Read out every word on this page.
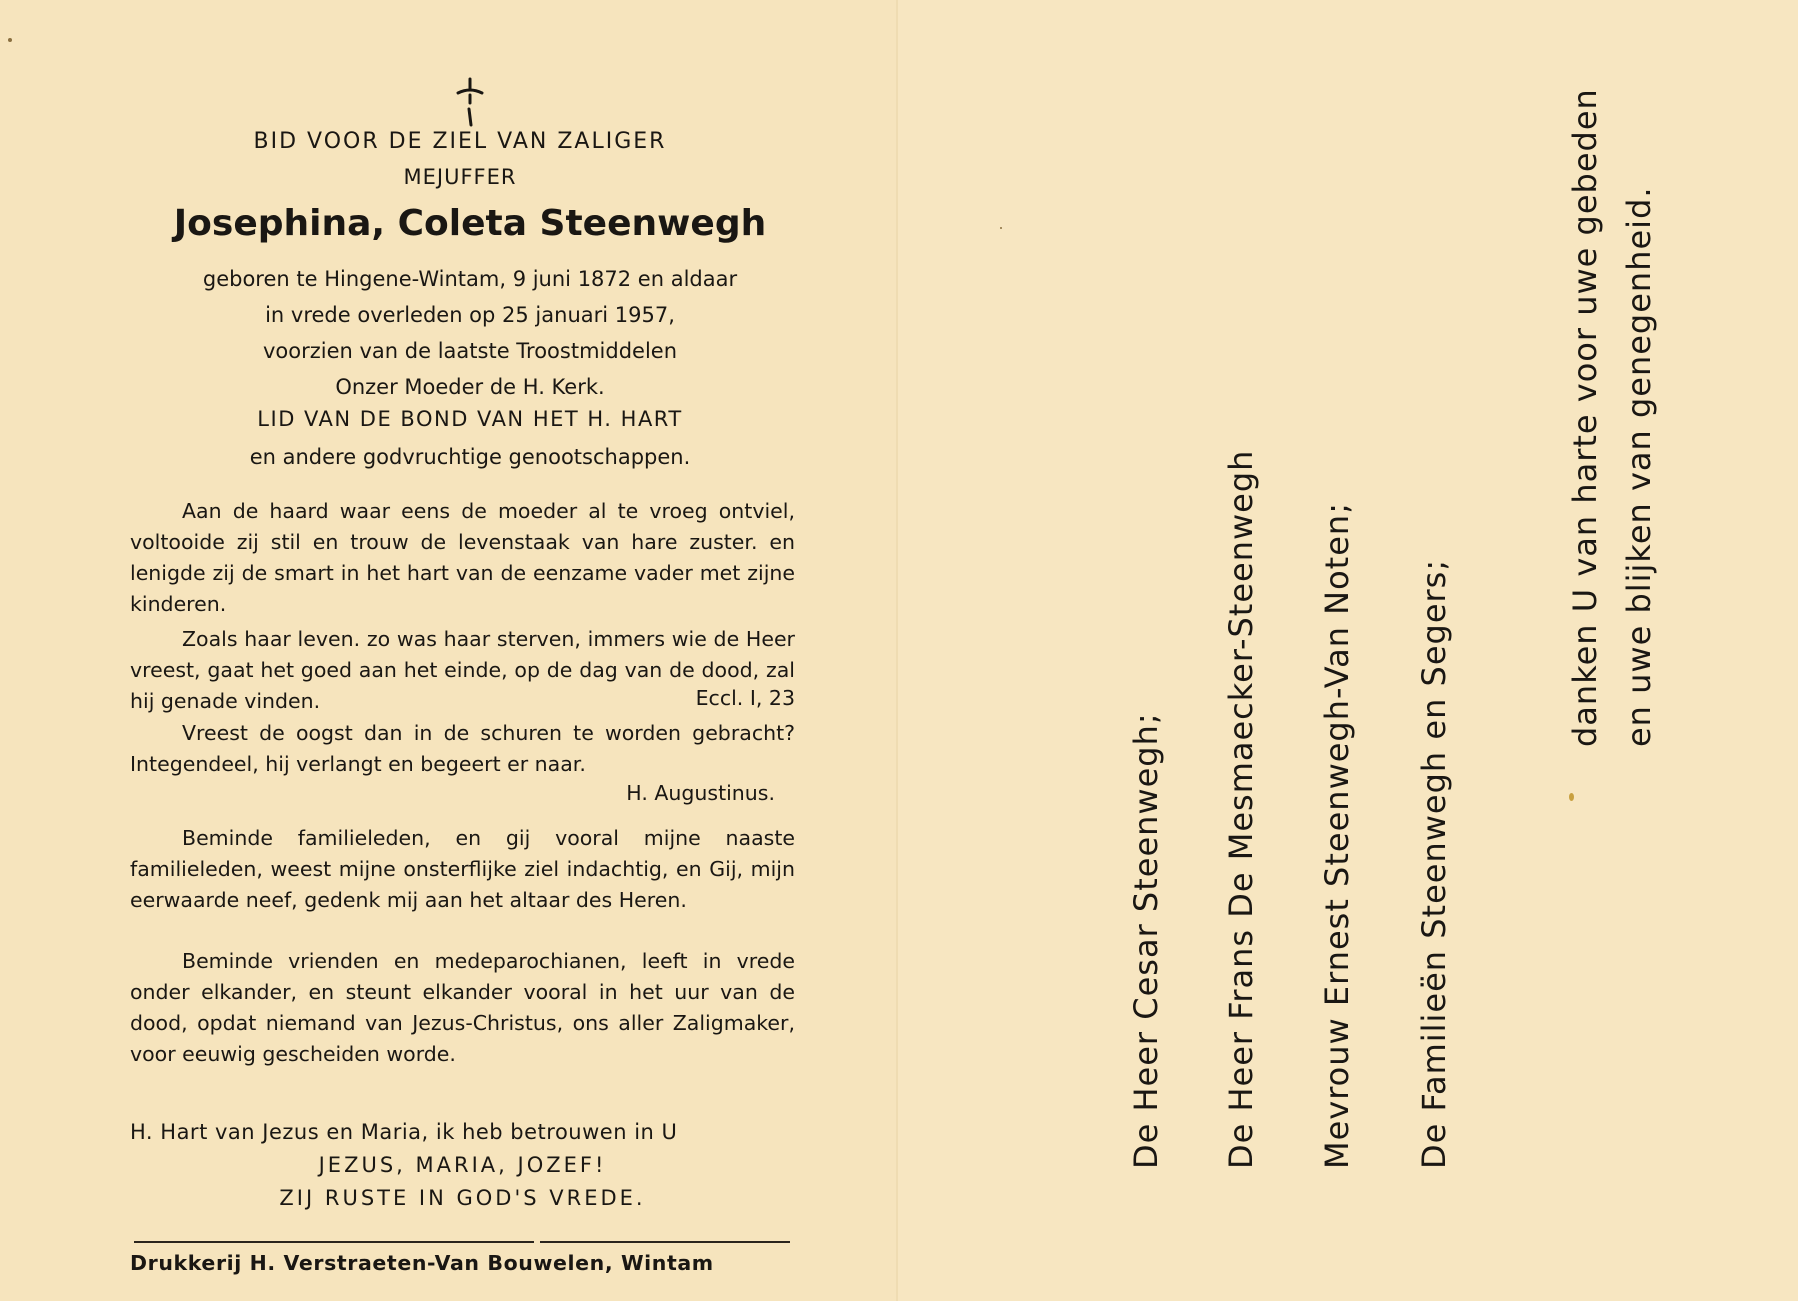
BID VOOR DE ZIEL VAN ZALIGER
MEJUFFER
Josephina, Coleta Steenwegh
geboren te Hingene-Wintam, 9 juni 1872 en aldaar
in vrede overleden op 25 januari 1957,
voorzien van de laatste Troostmiddelen
Onzer Moeder de H. Kerk.
LID VAN DE BOND VAN HET H. HART
en andere godvruchtige genootschappen.
Aan de haard waar eens de moeder al te vroeg ontviel, voltooide zij stil en trouw de levenstaak van hare zuster. en lenigde zij de smart in het hart van de eenzame vader met zijne kinderen.
Zoals haar leven. zo was haar sterven, immers wie de Heer vreest, gaat het goed aan het einde, op de dag van de dood, zal hij genade vinden.	Eccl. I, 23
Vreest de oogst dan in de schuren te worden gebracht? Integendeel, hij verlangt en begeert er naar.
H. Augustinus.
Beminde familieleden, en gij vooral mijne naaste familieleden, weest mijne onsterflijke ziel indachtig, en Gij, mijn eerwaarde neef, gedenk mij aan het altaar des Heren.
Beminde vrienden en medeparochianen, leeft in vrede onder elkander, en steunt elkander vooral in het uur van de dood, opdat niemand van Jezus-Christus, ons aller Zaligmaker, voor eeuwig gescheiden worde.
H. Hart van Jezus en Maria, ik heb betrouwen in U
JEZUS, MARIA, JOZEF!
ZIJ RUSTE IN GOD'S VREDE.
Drukkerij H. Verstraeten-Van Bouwelen, Wintam
De Heer Cesar Steenwegh; De Heer Frans De Mesmaecker-Steenwegh Mevrouw Ernest Steenwegh-Van Noten; De Familieën Steenwegh en Segers;
danken U van harte voor uwe gebeden en uwe blijken van genegenheid.
